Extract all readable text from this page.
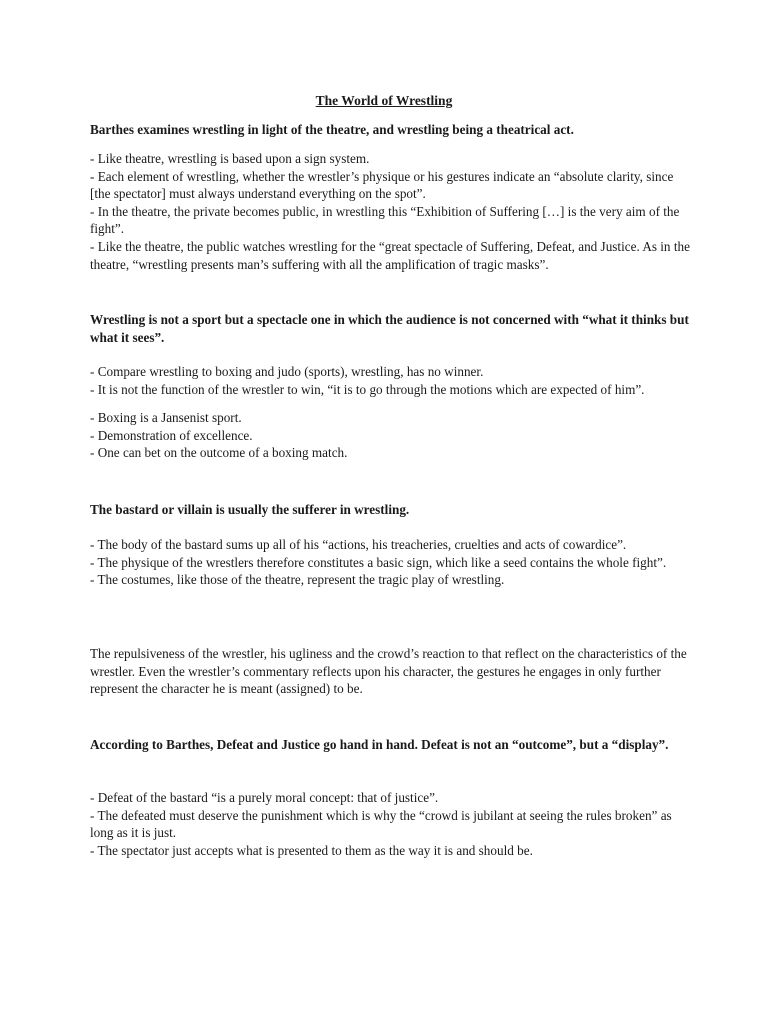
The World of Wrestling
Barthes examines wrestling in light of the theatre, and wrestling being a theatrical act.

- Like theatre, wrestling is based upon a sign system.

- Each element of wrestling, whether the wrestler’s physique or his gestures indicate an “absolute clarity, since [the spectator] must always understand everything on the spot”.

- In the theatre, the private becomes public, in wrestling this “Exhibition of Suffering […] is the very aim of the fight”.

- Like the theatre, the public watches wrestling for the “great spectacle of Suffering, Defeat, and Justice. As in the theatre, “wrestling presents man’s suffering with all the amplification of tragic masks”.

Wrestling is not a sport but a spectacle one in which the audience is not concerned with “what it thinks but what it sees”.

- Compare wrestling to boxing and judo (sports), wrestling, has no winner.

- It is not the function of the wrestler to win, “it is to go through the motions which are expected of him”.

- Boxing is a Jansenist sport.

- Demonstration of excellence.

- One can bet on the outcome of a boxing match.

The bastard or villain is usually the sufferer in wrestling.

- The body of the bastard sums up all of his “actions, his treacheries, cruelties and acts of cowardice”.

- The physique of the wrestlers therefore constitutes a basic sign, which like a seed contains the whole fight”.

- The costumes, like those of the theatre, represent the tragic play of wrestling.

The repulsiveness of the wrestler, his ugliness and the crowd’s reaction to that reflect on the characteristics of the wrestler. Even the wrestler’s commentary reflects upon his character, the gestures he engages in only further represent the character he is meant (assigned) to be.
According to Barthes, Defeat and Justice go hand in hand. Defeat is not an “outcome”, but a “display”.

- Defeat of the bastard “is a purely moral concept: that of justice”.

- The defeated must deserve the punishment which is why the “crowd is jubilant at seeing the rules broken” as long as it is just.

- The spectator just accepts what is presented to them as the way it is and should be.
